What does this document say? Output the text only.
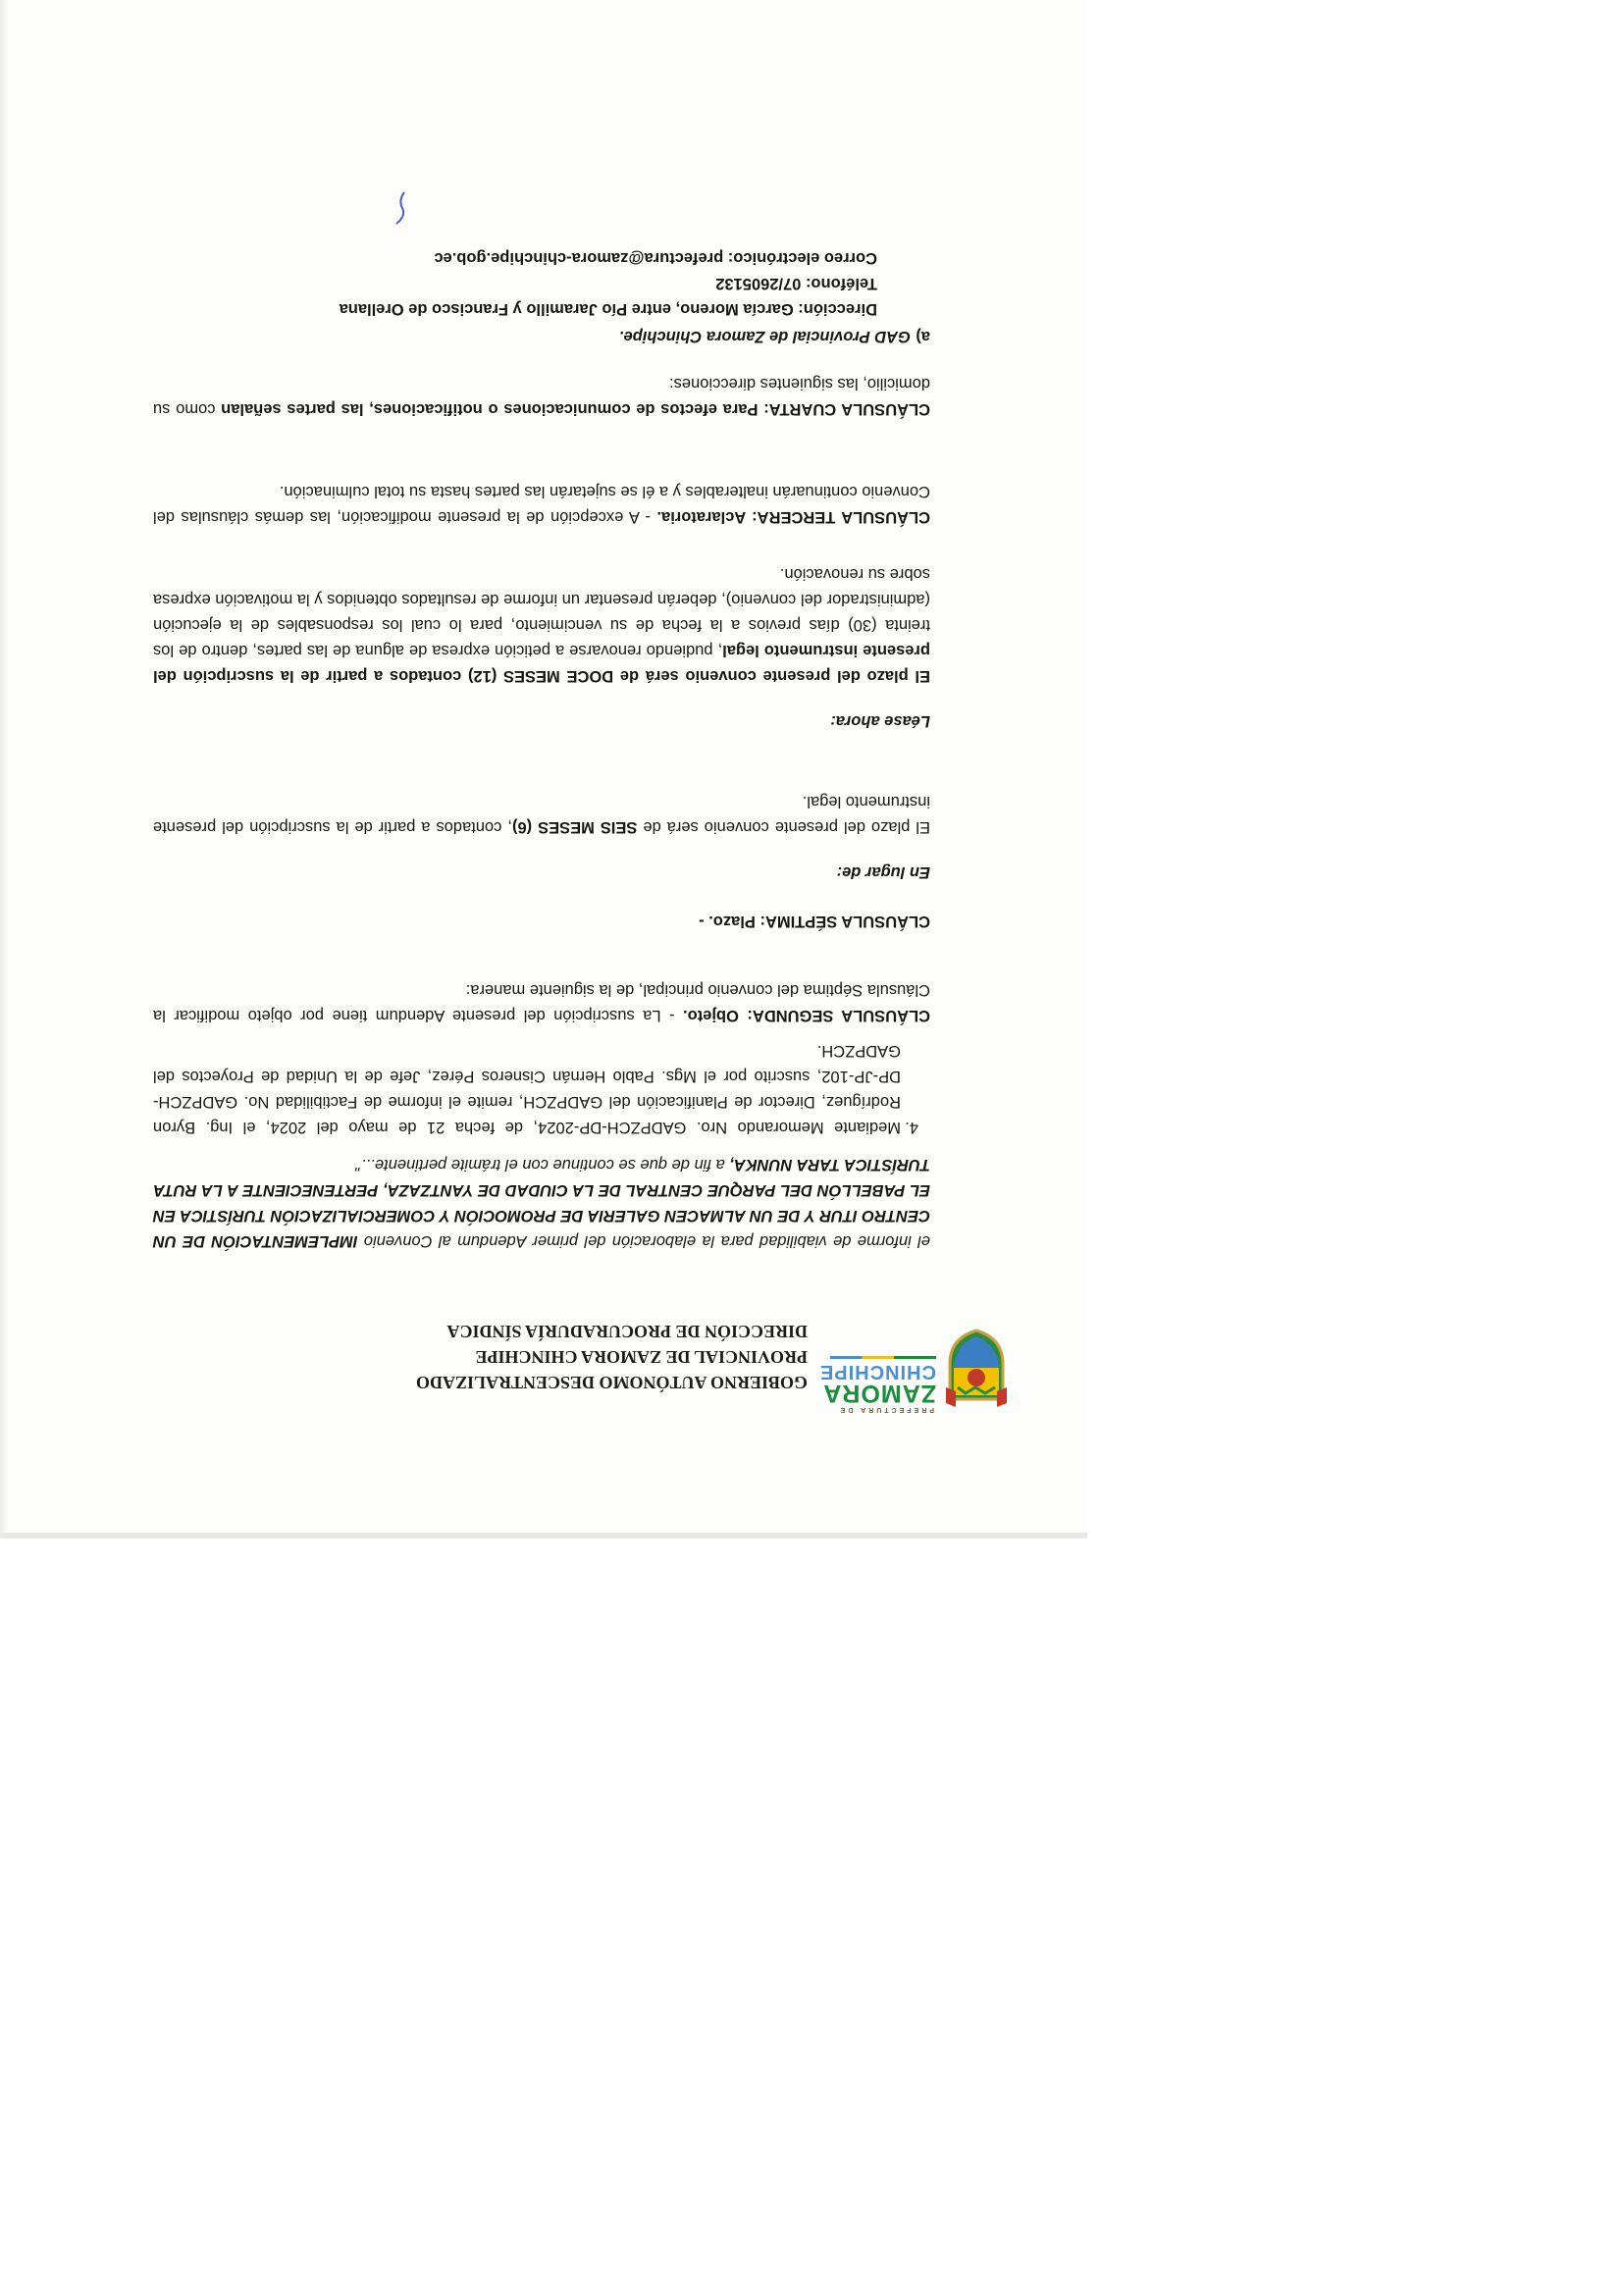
PREFECTURA DE
ZAMORA
CHINCHIPE
GOBIERNO AUTÓNOMO DESCENTRALIZADO
PROVINCIAL DE ZAMORA CHINCHIPE
DIRECCIÓN DE PROCURADURÍA SÍNDICA
el informe de viabilidad para la elaboración del primer Adendum al Convenio IMPLEMENTACIÓN DE UN CENTRO ITUR Y DE UN ALMACEN GALERIA DE PROMOCIÓN Y COMERCIALIZACIÓN TURÍSTICA EN EL PABELLÓN DEL PARQUE CENTRAL DE LA CIUDAD DE YANTZAZA, PERTENECIENTE A LA RUTA TURÍSTICA TARA NUNKA, a fin de que se continue con el trámite pertinente..."
4.
Mediante Memorando Nro. GADPZCH-DP-2024, de fecha 21 de mayo del 2024, el Ing. Byron Rodríguez, Director de Planificación del GADPZCH, remite el informe de Factibilidad No. GADPZCH-DP-JP-102, suscrito por el Mgs. Pablo Hernán Cisneros Pérez, Jefe de la Unidad de Proyectos del GADPZCH.
CLÁUSULA SEGUNDA: Objeto. - La suscripción del presente Adendum tiene por objeto modificar la Cláusula Séptima del convenio principal, de la siguiente manera:
CLÁUSULA SÉPTIMA: Plazo. -
En lugar de:
El plazo del presente convenio será de SEIS MESES (6), contados a partir de la suscripción del presente instrumento legal.
Léase ahora:
El plazo del presente convenio será de DOCE MESES (12) contados a partir de la suscripción del presente instrumento legal, pudiendo renovarse a petición expresa de alguna de las partes, dentro de los treinta (30) días previos a la fecha de su vencimiento, para lo cual los responsables de la ejecución (administrador del convenio), deberán presentar un informe de resultados obtenidos y la motivación expresa sobre su renovación.
CLÁUSULA TERCERA: Aclaratoria. - A excepción de la presente modificación, las demás cláusulas del Convenio continuarán inalterables y a él se sujetarán las partes hasta su total culminación.
CLÁUSULA CUARTA: Para efectos de comunicaciones o notificaciones, las partes señalan como su domicilio, las siguientes direcciones:
a)
GAD Provincial de Zamora Chinchipe.
Dirección: García Moreno, entre Pío Jaramillo y Francisco de Orellana
Teléfono: 07/2605132
Correo electrónico: prefectura@zamora-chinchipe.gob.ec
